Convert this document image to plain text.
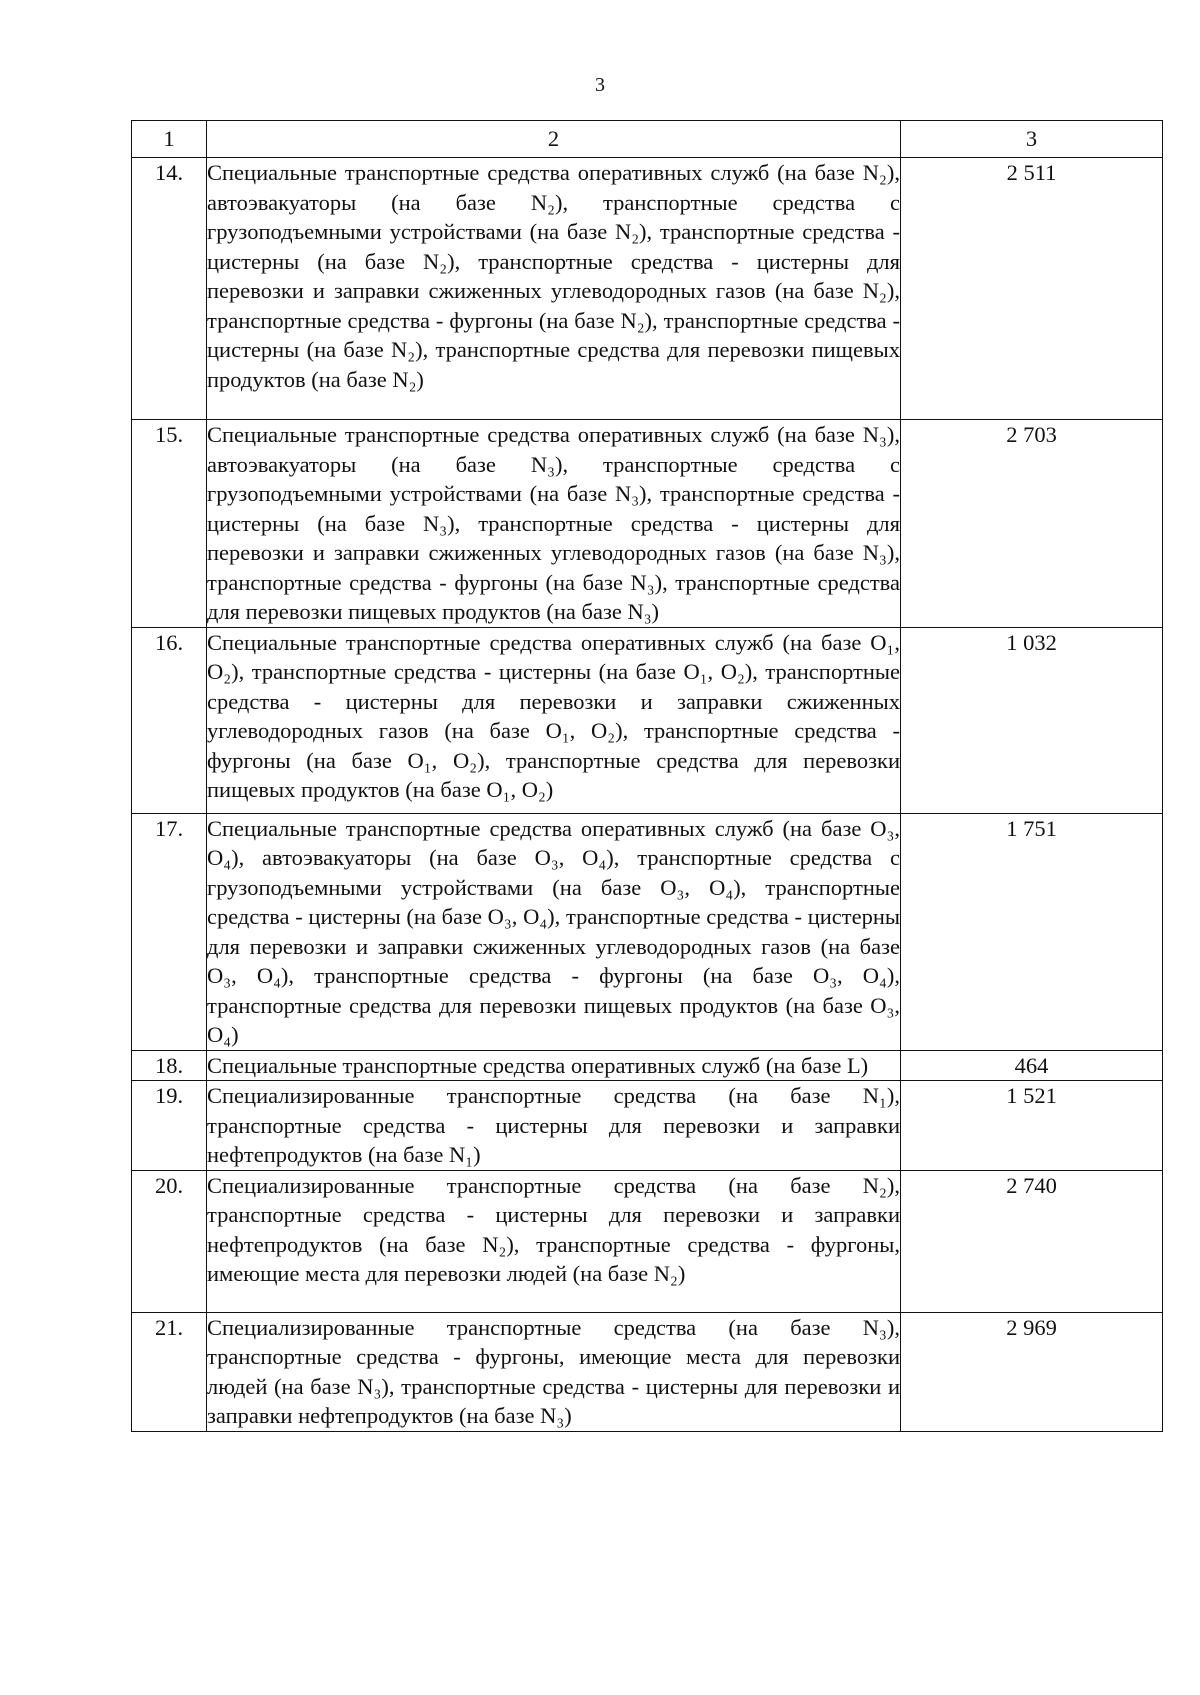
3
1	2	3
14.	Специальные транспортные средства оперативных служб (на базе N₂), автоэвакуаторы (на базе N₂), транспортные средства с грузоподъемными устройствами (на базе N₂), транспортные средства - цистерны (на базе N₂), транспортные средства - цистерны для перевозки и заправки сжиженных углеводородных газов (на базе N₂), транспортные средства - фургоны (на базе N₂), транспортные средства - цистерны (на базе N₂), транспортные средства для перевозки пищевых продуктов (на базе N₂)	2 511
15.	Специальные транспортные средства оперативных служб (на базе N₃), автоэвакуаторы (на базе N₃), транспортные средства с грузоподъемными устройствами (на базе N₃), транспортные средства - цистерны (на базе N₃), транспортные средства - цистерны для перевозки и заправки сжиженных углеводородных газов (на базе N₃), транспортные средства - фургоны (на базе N₃), транспортные средства для перевозки пищевых продуктов (на базе N₃)	2 703
16.	Специальные транспортные средства оперативных служб (на базе O₁, O₂), транспортные средства - цистерны (на базе O₁, O₂), транспортные средства - цистерны для перевозки и заправки сжиженных углеводородных газов (на базе O₁, O₂), транспортные средства - фургоны (на базе O₁, O₂), транспортные средства для перевозки пищевых продуктов (на базе O₁, O₂)	1 032
17.	Специальные транспортные средства оперативных служб (на базе O₃, O₄), автоэвакуаторы (на базе O₃, O₄), транспортные средства с грузоподъемными устройствами (на базе O₃, O₄), транспортные средства - цистерны (на базе O₃, O₄), транспортные средства - цистерны для перевозки и заправки сжиженных углеводородных газов (на базе O₃, O₄), транспортные средства - фургоны (на базе O₃, O₄), транспортные средства для перевозки пищевых продуктов (на базе O₃, O₄)	1 751
18.	Специальные транспортные средства оперативных служб (на базе L)	464
19.	Специализированные транспортные средства (на базе N₁), транспортные средства - цистерны для перевозки и заправки нефтепродуктов (на базе N₁)	1 521
20.	Специализированные транспортные средства (на базе N₂), транспортные средства - цистерны для перевозки и заправки нефтепродуктов (на базе N₂), транспортные средства - фургоны, имеющие места для перевозки людей (на базе N₂)	2 740
21.	Специализированные транспортные средства (на базе N₃), транспортные средства - фургоны, имеющие места для перевозки людей (на базе N₃), транспортные средства - цистерны для перевозки и заправки нефтепродуктов (на базе N₃)	2 969
